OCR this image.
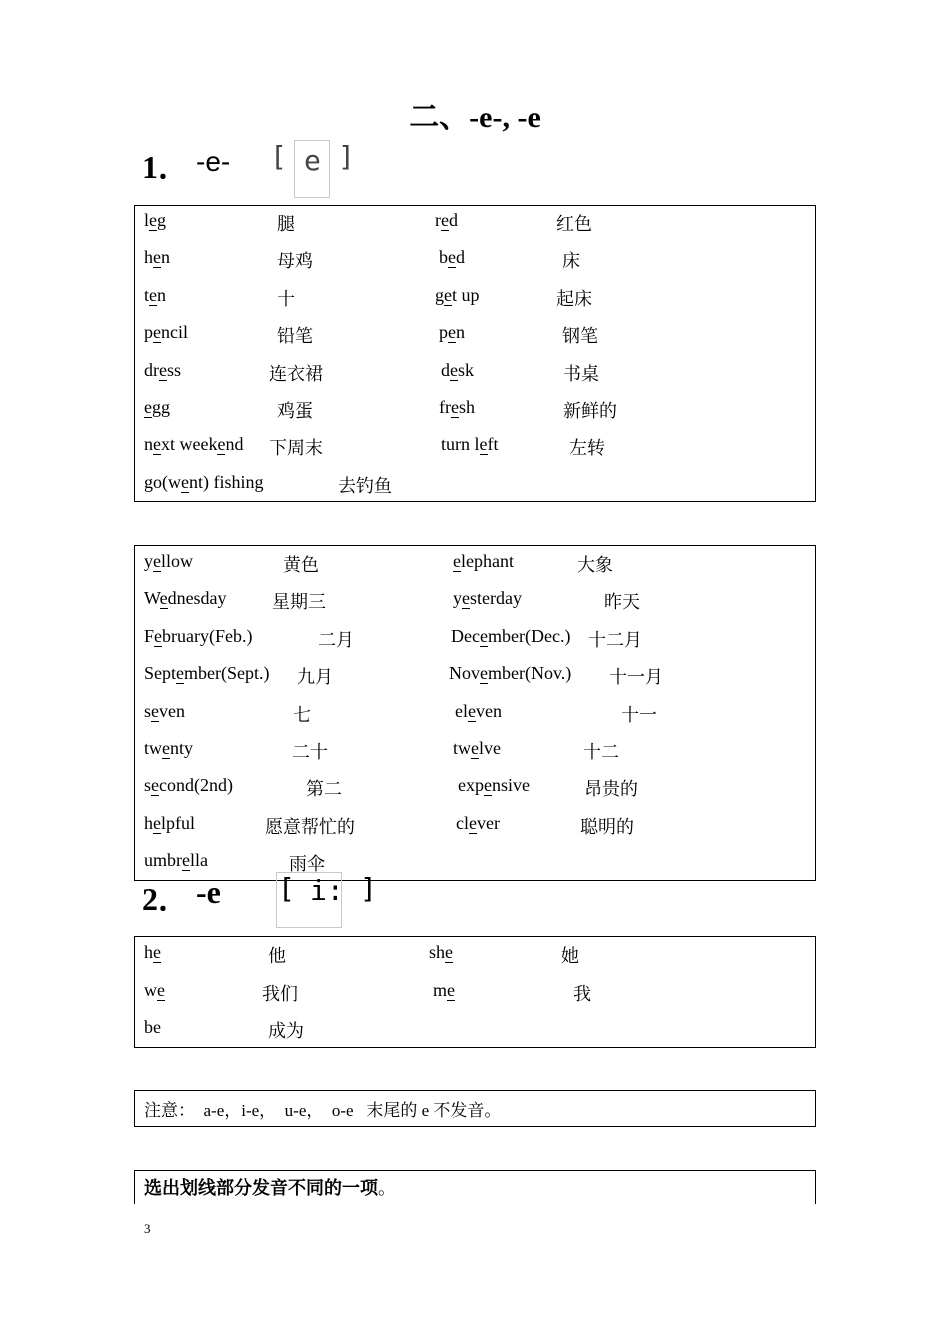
二、-e-, -e
1． -e- [ e ]
leg	腿	red	红色
hen	母鸡	bed	床
ten	十	get up	起床
pencil	铅笔	pen	钢笔
dress	连衣裙	desk	书桌
egg	鸡蛋	fresh	新鲜的
next weekend 下周末	turn left	左转
go(went) fishing	去钓鱼
yellow	黄色	elephant	大象
Wednesday	星期三	yesterday	昨天
February(Feb.)	二月	December(Dec.) 十二月
September(Sept.) 九月	November(Nov.) 十一月
seven	七	eleven	十一
twenty	二十	twelve	十二
second(2nd)	第二	expensive	昂贵的
helpful	愿意帮忙的	clever	聪明的
umbrella	雨伞
2． -e [ i: ]
he	他	she	她
we	我们	me	我
be	成为
注意：  a-e，i-e，  u-e，  o-e   末尾的 e 不发音。
选出划线部分发音不同的一项。
3
